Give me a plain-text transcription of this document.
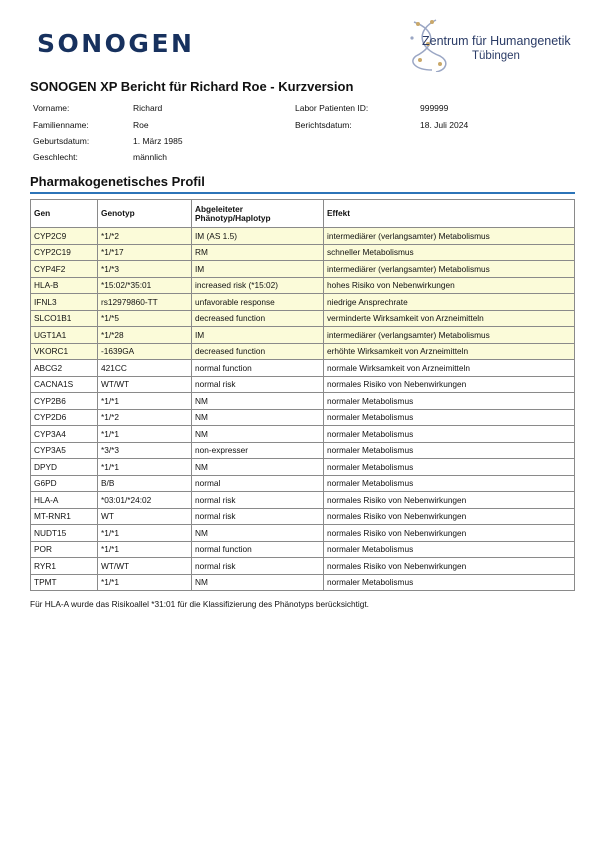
SONOGEN	Zentrum für Humangenetik
Tübingen
SONOGEN XP Bericht für Richard Roe - Kurzversion
Vorname:	Richard
Familienname:	Roe
Geburtsdatum:	1. März 1985
Geschlecht:	männlich
Labor Patienten ID:	999999
Berichtsdatum:	18. Juli 2024
Pharmakogenetisches Profil
Gen	Genotyp	Abgeleiteter Phänotyp/Haplotyp	Effekt
CYP2C9	*1/*2	IM (AS 1.5)	intermediärer (verlangsamter) Metabolismus
CYP2C19	*1/*17	RM	schneller Metabolismus
CYP4F2	*1/*3	IM	intermediärer (verlangsamter) Metabolismus
HLA-B	*15:02/*35:01	increased risk (*15:02)	hohes Risiko von Nebenwirkungen
IFNL3	rs12979860-TT	unfavorable response	niedrige Ansprechrate
SLCO1B1	*1/*5	decreased function	verminderte Wirksamkeit von Arzneimitteln
UGT1A1	*1/*28	IM	intermediärer (verlangsamter) Metabolismus
VKORC1	-1639GA	decreased function	erhöhte Wirksamkeit von Arzneimitteln
ABCG2	421CC	normal function	normale Wirksamkeit von Arzneimitteln
CACNA1S	WT/WT	normal risk	normales Risiko von Nebenwirkungen
CYP2B6	*1/*1	NM	normaler Metabolismus
CYP2D6	*1/*2	NM	normaler Metabolismus
CYP3A4	*1/*1	NM	normaler Metabolismus
CYP3A5	*3/*3	non-expresser	normaler Metabolismus
DPYD	*1/*1	NM	normaler Metabolismus
G6PD	B/B	normal	normaler Metabolismus
HLA-A	*03:01/*24:02	normal risk	normales Risiko von Nebenwirkungen
MT-RNR1	WT	normal risk	normales Risiko von Nebenwirkungen
NUDT15	*1/*1	NM	normales Risiko von Nebenwirkungen
POR	*1/*1	normal function	normaler Metabolismus
RYR1	WT/WT	normal risk	normales Risiko von Nebenwirkungen
TPMT	*1/*1	NM	normaler Metabolismus
Für HLA-A wurde das Risikoallel *31:01 für die Klassifizierung des Phänotyps berücksichtigt.
